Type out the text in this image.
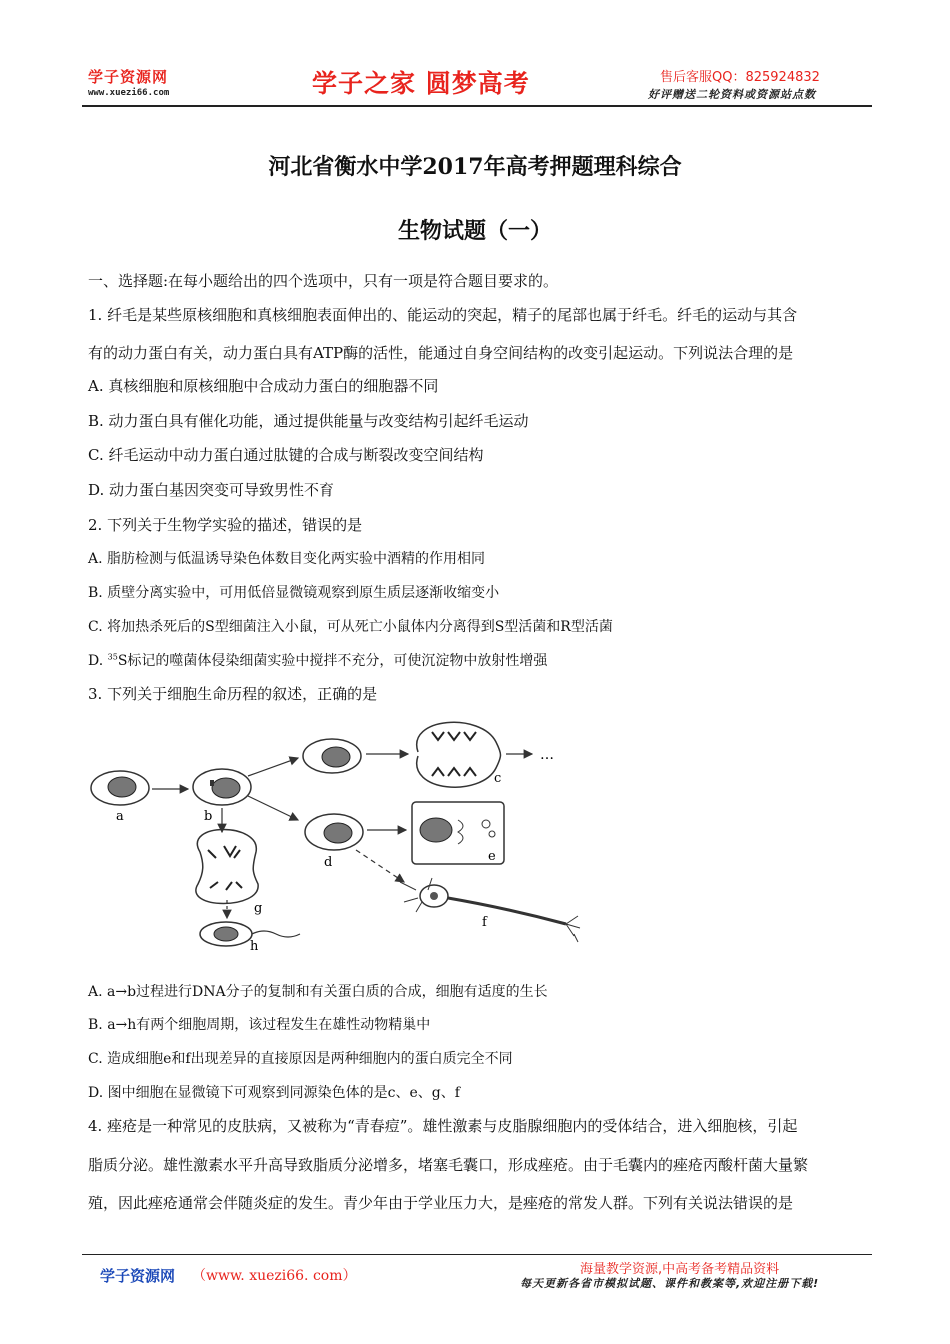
学子资源网
www.xuezi66.com	学子之家 圆梦高考	售后客服QQ：825924832
好评赠送二轮资料或资源站点数
河北省衡水中学2017年高考押题理科综合
生物试题（一）
一、选择题:在每小题给出的四个选项中，只有一项是符合题目要求的。
1. 纤毛是某些原核细胞和真核细胞表面伸出的、能运动的突起，精子的尾部也属于纤毛。纤毛的运动与其含
有的动力蛋白有关，动力蛋白具有ATP酶的活性，能通过自身空间结构的改变引起运动。下列说法合理的是
A. 真核细胞和原核细胞中合成动力蛋白的细胞器不同
B. 动力蛋白具有催化功能，通过提供能量与改变结构引起纤毛运动
C. 纤毛运动中动力蛋白通过肽键的合成与断裂改变空间结构
D. 动力蛋白基因突变可导致男性不育
2. 下列关于生物学实验的描述，错误的是
A. 脂肪检测与低温诱导染色体数目变化两实验中酒精的作用相同
B. 质壁分离实验中，可用低倍显微镜观察到原生质层逐渐收缩变小
C. 将加热杀死后的S型细菌注入小鼠，可从死亡小鼠体内分离得到S型活菌和R型活菌
D. $^{35}$S标记的噬菌体侵染细菌实验中搅拌不充分，可使沉淀物中放射性增强
3. 下列关于细胞生命历程的叙述，正确的是
…
a	b
c
d	e
f
g
h
A. a→b过程进行DNA分子的复制和有关蛋白质的合成，细胞有适度的生长
B. a→h有两个细胞周期，该过程发生在雄性动物精巢中
C. 造成细胞e和f出现差异的直接原因是两种细胞内的蛋白质完全不同
D. 图中细胞在显微镜下可观察到同源染色体的是c、e、g、f
4. 痤疮是一种常见的皮肤病，又被称为“青春痘”。雄性激素与皮脂腺细胞内的受体结合，进入细胞核，引起
脂质分泌。雄性激素水平升高导致脂质分泌增多，堵塞毛囊口，形成痤疮。由于毛囊内的痤疮丙酸杆菌大量繁
殖，因此痤疮通常会伴随炎症的发生。青少年由于学业压力大，是痤疮的常发人群。下列有关说法错误的是
学子资源网 （www. xuezi66. com）	海量教学资源,中高考备考精品资料
每天更新各省市模拟试题、课件和教案等,欢迎注册下载!
